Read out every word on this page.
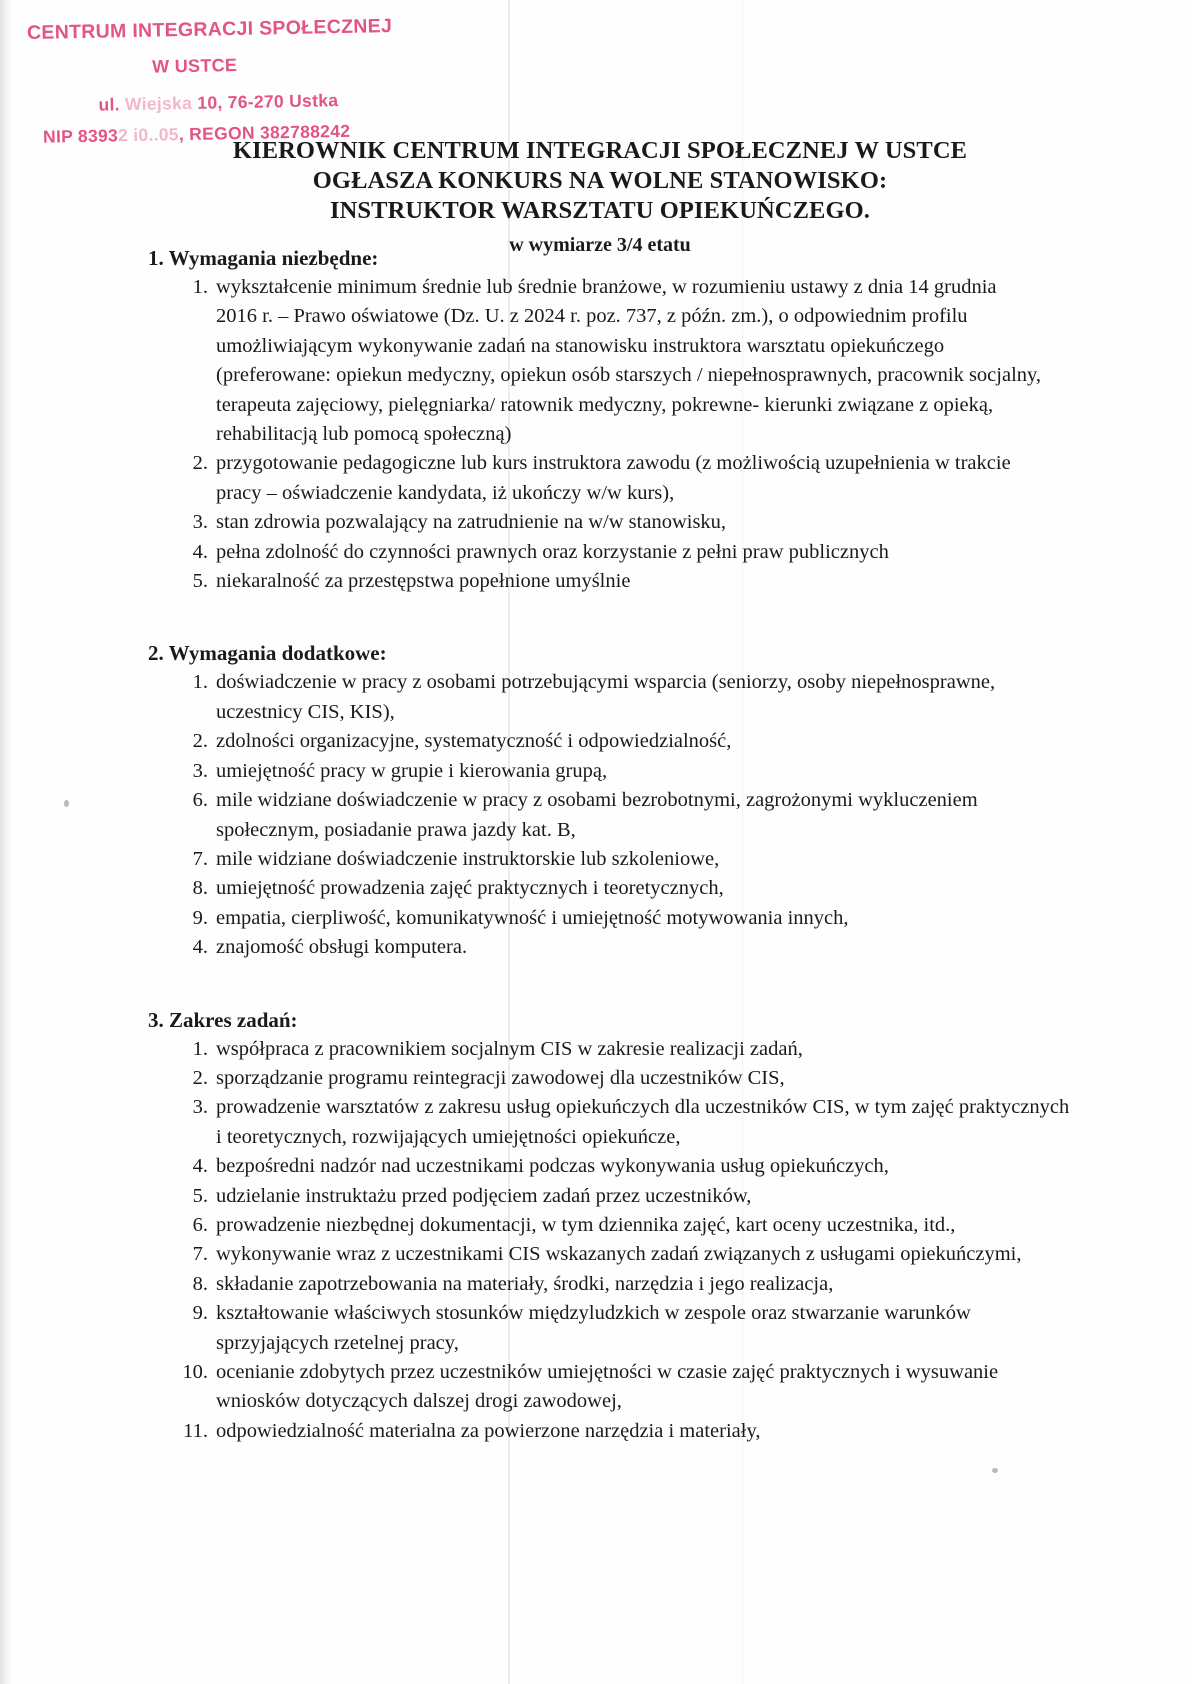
CENTRUM INTEGRACJI SPOŁECZNEJ
W USTCE
ul. Wiejska 10, 76-270 Ustka
NIP 83932 i0..05, REGON 382788242
KIEROWNIK CENTRUM INTEGRACJI SPOŁECZNEJ W USTCE
OGŁASZA KONKURS NA WOLNE STANOWISKO:
INSTRUKTOR WARSZTATU OPIEKUŃCZEGO.
w wymiarze 3/4 etatu
1. Wymagania niezbędne:
1. wykształcenie minimum średnie lub średnie branżowe, w rozumieniu ustawy z dnia 14 grudnia 2016 r. – Prawo oświatowe (Dz. U. z 2024 r. poz. 737, z późn. zm.), o odpowiednim profilu umożliwiającym wykonywanie zadań na stanowisku instruktora warsztatu opiekuńczego (preferowane: opiekun medyczny, opiekun osób starszych / niepełnosprawnych, pracownik socjalny, terapeuta zajęciowy, pielęgniarka/ ratownik medyczny, pokrewne- kierunki związane z opieką, rehabilitacją lub pomocą społeczną)
2. przygotowanie pedagogiczne lub kurs instruktora zawodu (z możliwością uzupełnienia w trakcie pracy – oświadczenie kandydata, iż ukończy w/w kurs),
3. stan zdrowia pozwalający na zatrudnienie na w/w stanowisku,
4. pełna zdolność do czynności prawnych oraz korzystanie z pełni praw publicznych
5. niekaralność za przestępstwa popełnione umyślnie
2. Wymagania dodatkowe:
1. doświadczenie w pracy z osobami potrzebującymi wsparcia (seniorzy, osoby niepełnosprawne, uczestnicy CIS, KIS),
2. zdolności organizacyjne, systematyczność i odpowiedzialność,
3. umiejętność pracy w grupie i kierowania grupą,
6. mile widziane doświadczenie w pracy z osobami bezrobotnymi, zagrożonymi wykluczeniem społecznym, posiadanie prawa jazdy kat. B,
7. mile widziane doświadczenie instruktorskie lub szkoleniowe,
8. umiejętność prowadzenia zajęć praktycznych i teoretycznych,
9. empatia, cierpliwość, komunikatywność i umiejętność motywowania innych,
4. znajomość obsługi komputera.
3. Zakres zadań:
1. współpraca z pracownikiem socjalnym CIS w zakresie realizacji zadań,
2. sporządzanie programu reintegracji zawodowej dla uczestników CIS,
3. prowadzenie warsztatów z zakresu usług opiekuńczych dla uczestników CIS, w tym zajęć praktycznych i teoretycznych, rozwijających umiejętności opiekuńcze,
4. bezpośredni nadzór nad uczestnikami podczas wykonywania usług opiekuńczych,
5. udzielanie instruktażu przed podjęciem zadań przez uczestników,
6. prowadzenie niezbędnej dokumentacji, w tym dziennika zajęć, kart oceny uczestnika, itd.,
7. wykonywanie wraz z uczestnikami CIS wskazanych zadań związanych z usługami opiekuńczymi,
8. składanie zapotrzebowania na materiały, środki, narzędzia i jego realizacja,
9. kształtowanie właściwych stosunków międzyludzkich w zespole oraz stwarzanie warunków sprzyjających rzetelnej pracy,
10. ocenianie zdobytych przez uczestników umiejętności w czasie zajęć praktycznych i wysuwanie wniosków dotyczących dalszej drogi zawodowej,
11. odpowiedzialność materialna za powierzone narzędzia i materiały,
